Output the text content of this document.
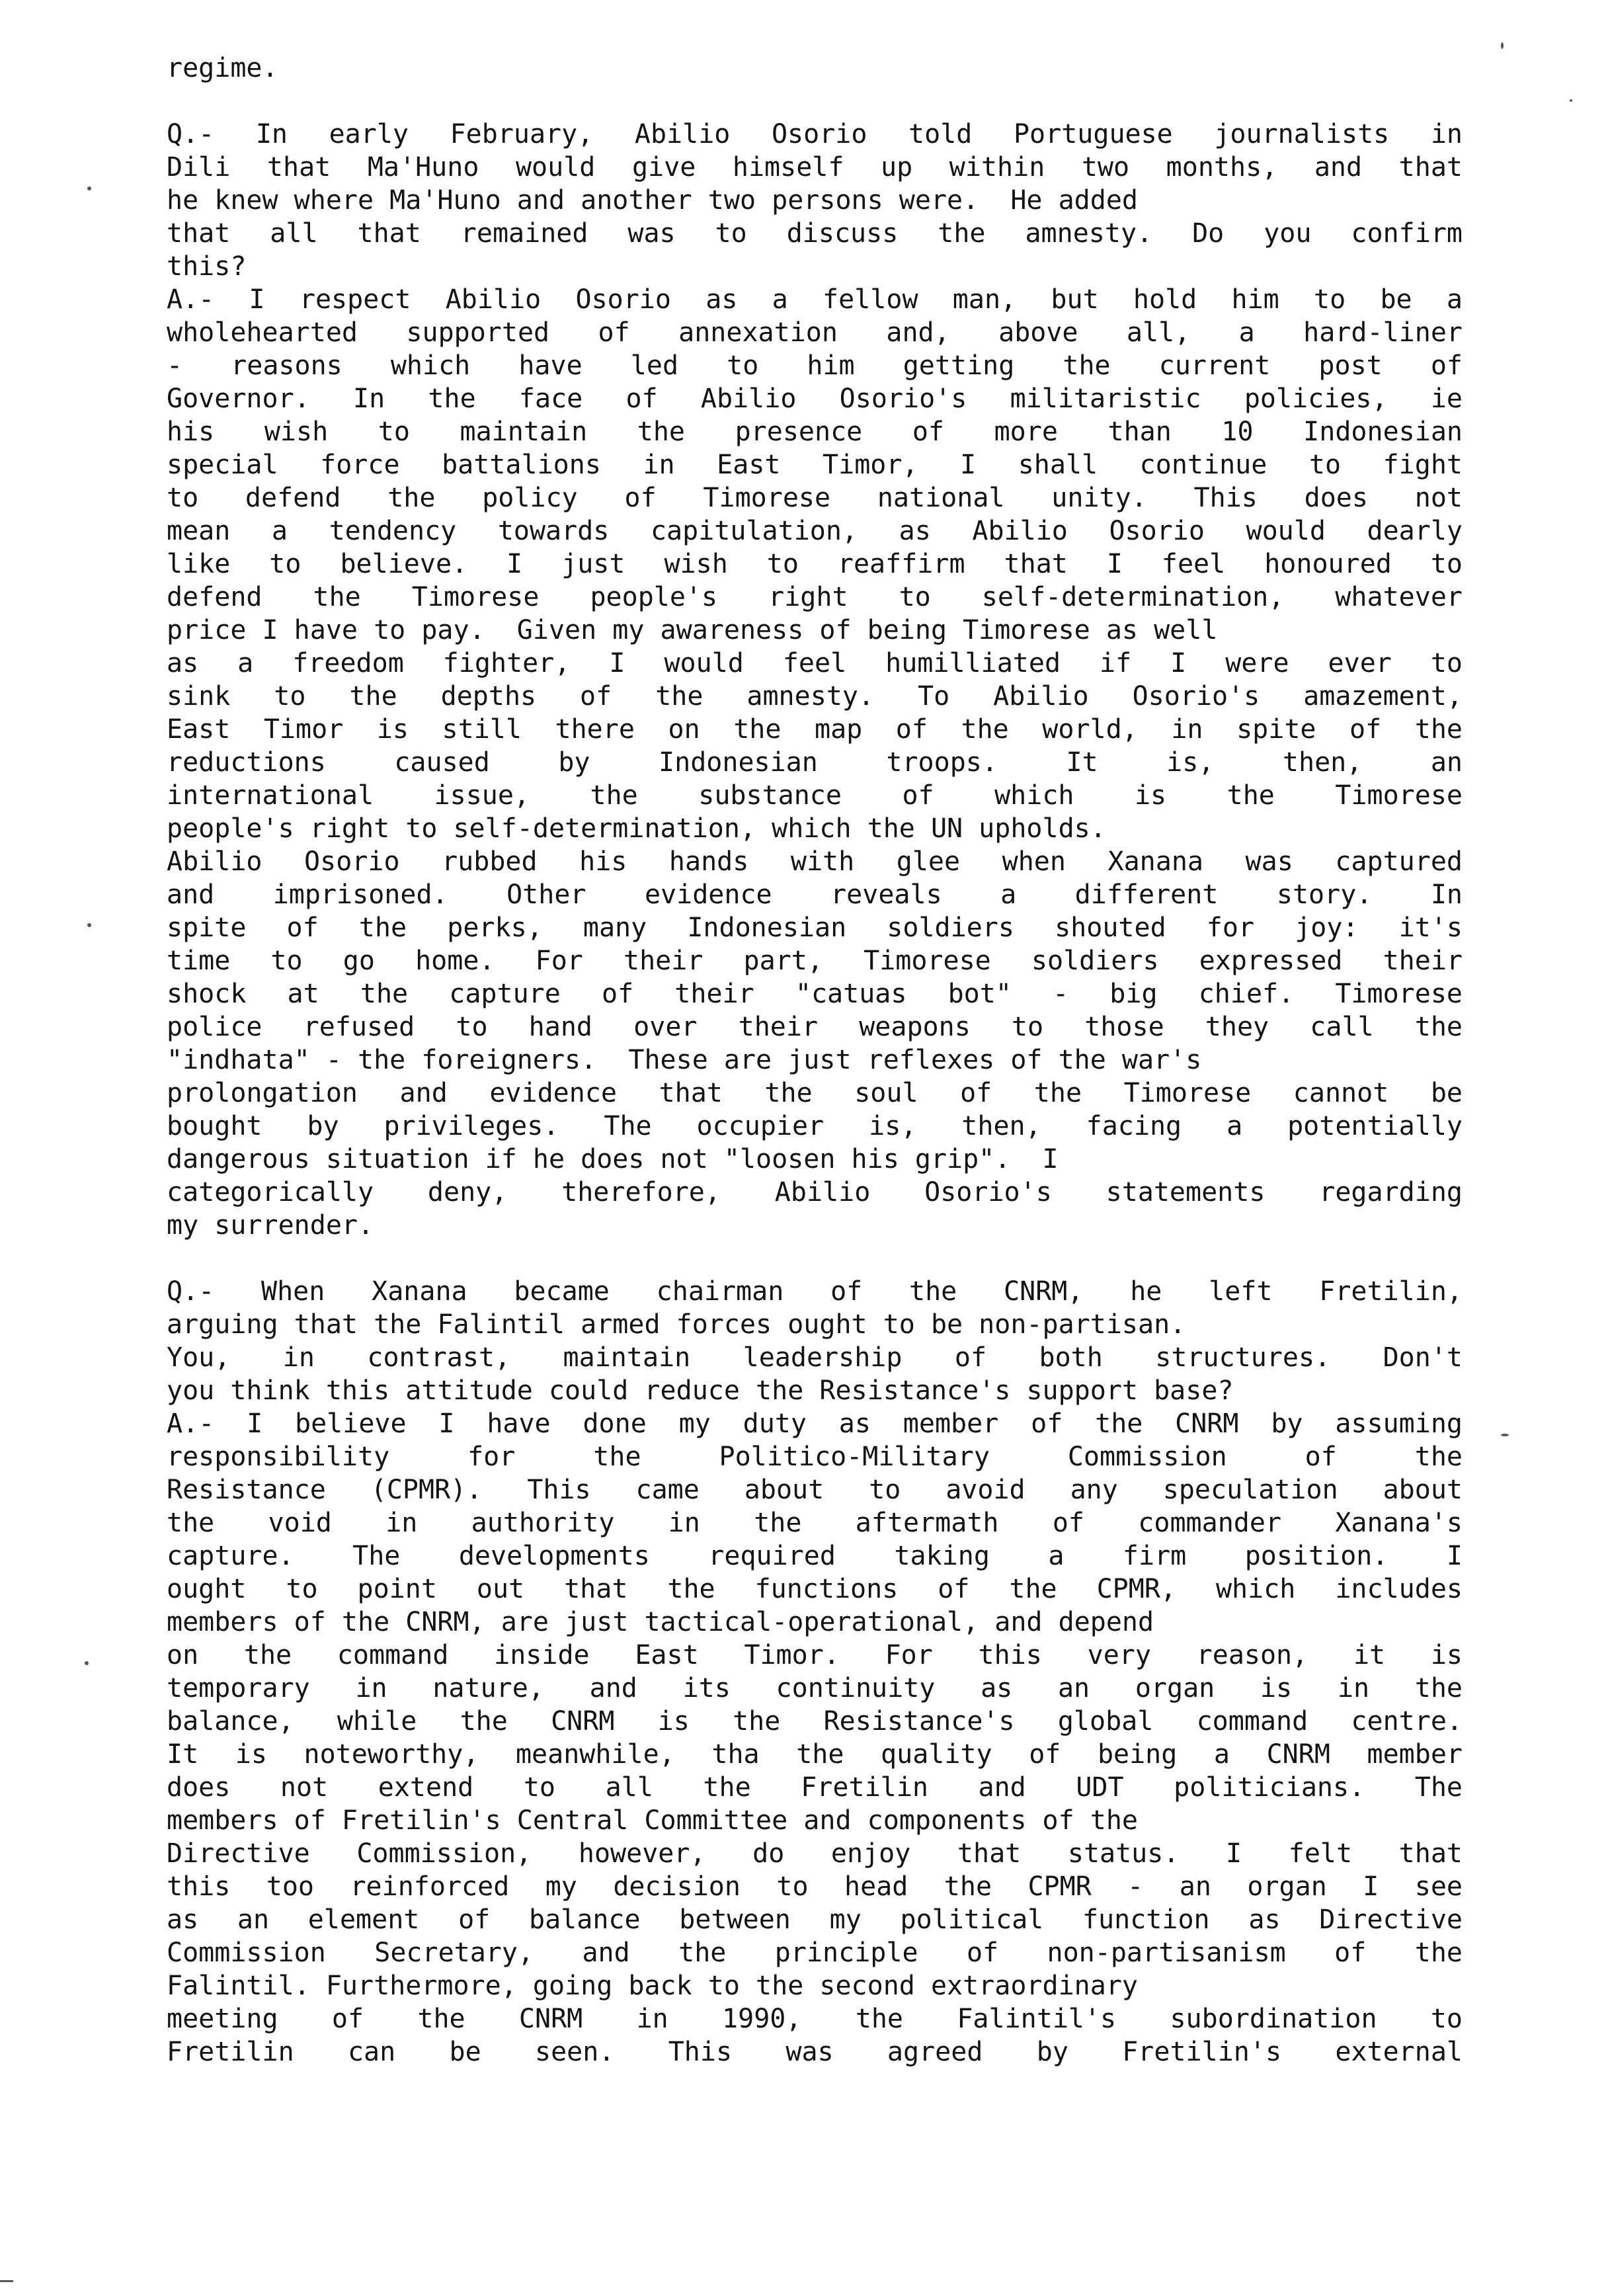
regime.
Q.- In early February, Abilio Osorio told Portuguese journalists in
Dili that Ma'Huno would give himself up within two months, and that
he knew where Ma'Huno and another two persons were.  He added
that all that remained was to discuss the amnesty. Do you confirm
this?
A.- I respect Abilio Osorio as a fellow man, but hold him to be a
wholehearted supported of annexation and, above all, a hard-liner
- reasons which have led to him getting the current post of
Governor. In the face of Abilio Osorio's militaristic policies, ie
his wish to maintain the presence of more than 10 Indonesian
special force battalions in East Timor, I shall continue to fight
to defend the policy of Timorese national unity. This does not
mean a tendency towards capitulation, as Abilio Osorio would dearly
like to believe. I just wish to reaffirm that I feel honoured to
defend the Timorese people's right to self-determination, whatever
price I have to pay.  Given my awareness of being Timorese as well
as a freedom fighter, I would feel humilliated if I were ever to
sink to the depths of the amnesty. To Abilio Osorio's amazement,
East Timor is still there on the map of the world, in spite of the
reductions caused by Indonesian troops. It is, then, an
international issue, the substance of which is the Timorese
people's right to self-determination, which the UN upholds.
Abilio Osorio rubbed his hands with glee when Xanana was captured
and imprisoned. Other evidence reveals a different story. In
spite of the perks, many Indonesian soldiers shouted for joy: it's
time to go home. For their part, Timorese soldiers expressed their
shock at the capture of their "catuas bot" - big chief. Timorese
police refused to hand over their weapons to those they call the
"indhata" - the foreigners.  These are just reflexes of the war's
prolongation and evidence that the soul of the Timorese cannot be
bought by privileges. The occupier is, then, facing a potentially
dangerous situation if he does not "loosen his grip".  I
categorically deny, therefore, Abilio Osorio's statements regarding
my surrender.
Q.- When Xanana became chairman of the CNRM, he left Fretilin,
arguing that the Falintil armed forces ought to be non-partisan.
You, in contrast, maintain leadership of both structures. Don't
you think this attitude could reduce the Resistance's support base?
A.- I believe I have done my duty as member of the CNRM by assuming
responsibility for the Politico-Military Commission of the
Resistance (CPMR). This came about to avoid any speculation about
the void in authority in the aftermath of commander Xanana's
capture. The developments required taking a firm position. I
ought to point out that the functions of the CPMR, which includes
members of the CNRM, are just tactical-operational, and depend
on the command inside East Timor. For this very reason, it is
temporary in nature, and its continuity as an organ is in the
balance, while the CNRM is the Resistance's global command centre.
It is noteworthy, meanwhile, tha the quality of being a CNRM member
does not extend to all the Fretilin and UDT politicians. The
members of Fretilin's Central Committee and components of the
Directive Commission, however, do enjoy that status. I felt that
this too reinforced my decision to head the CPMR - an organ I see
as an element of balance between my political function as Directive
Commission Secretary, and the principle of non-partisanism of the
Falintil. Furthermore, going back to the second extraordinary
meeting of the CNRM in 1990, the Falintil's subordination to
Fretilin can be seen. This was agreed by Fretilin's external
